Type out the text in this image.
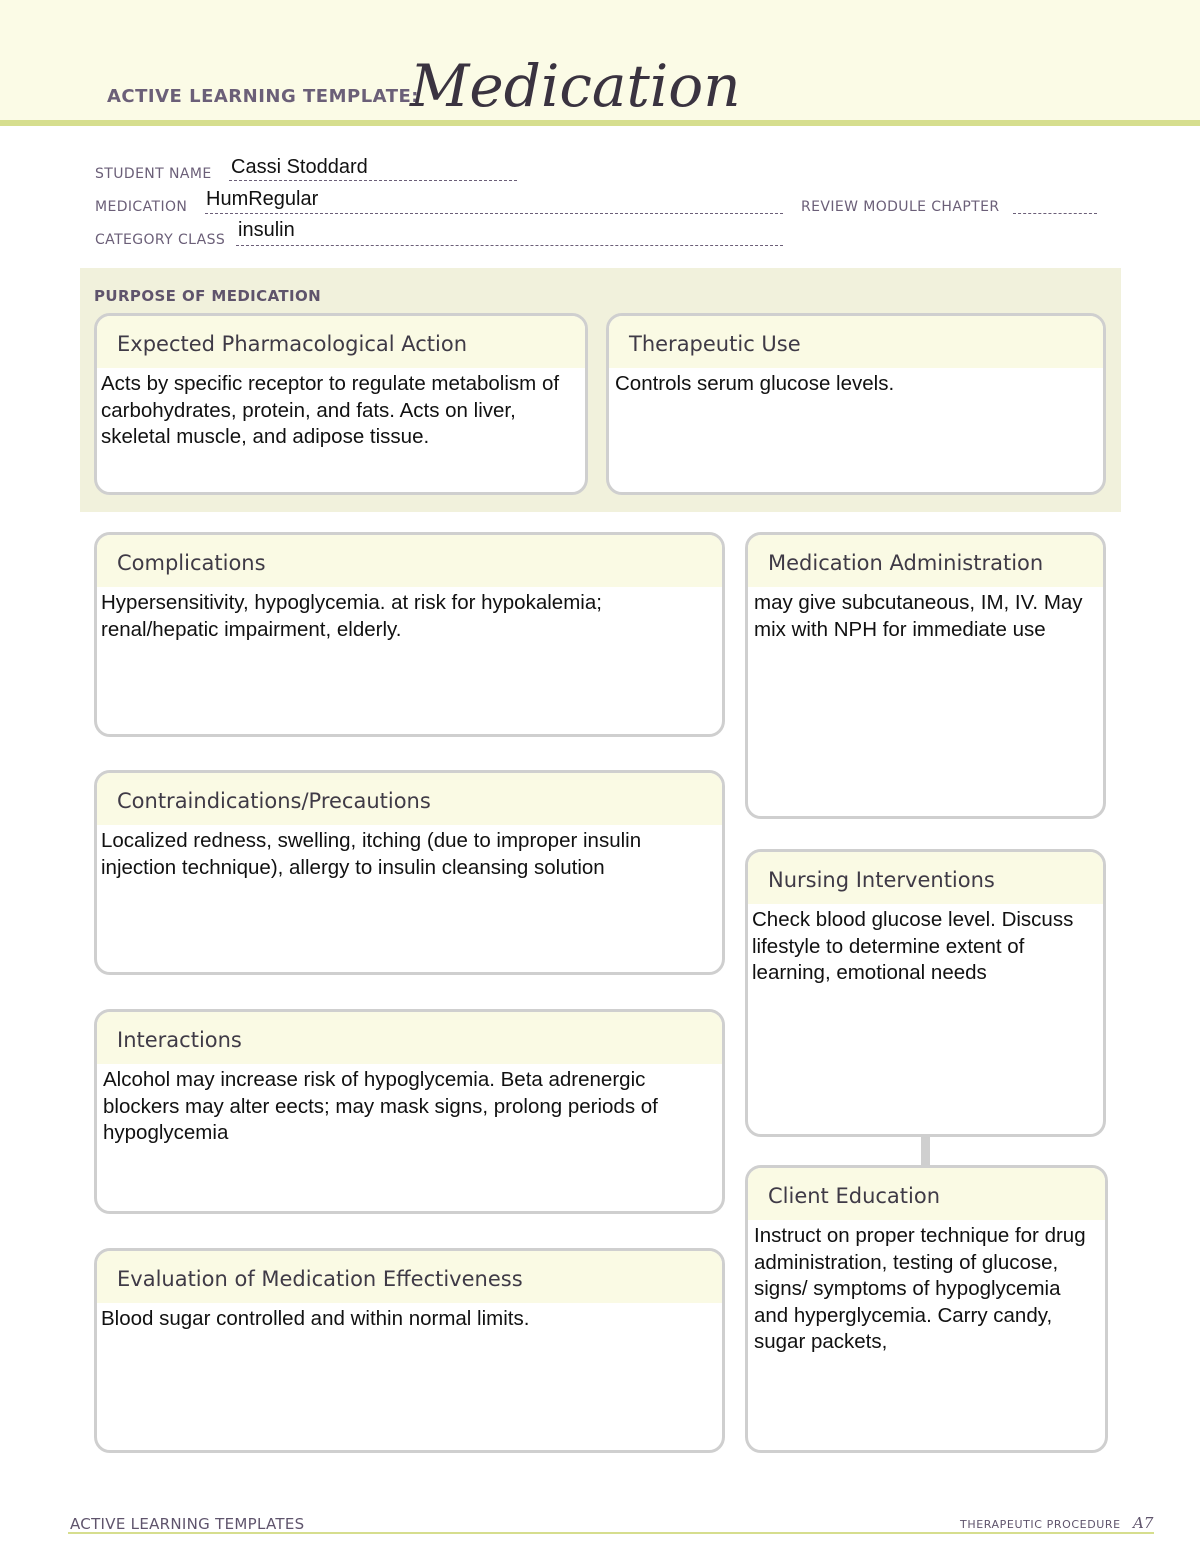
ACTIVE LEARNING TEMPLATE:
Medication
STUDENT NAME Cassi Stoddard
MEDICATION HumRegular	REVIEW MODULE CHAPTER
CATEGORY CLASS insulin
PURPOSE OF MEDICATION
Expected Pharmacological Action
Acts by specific receptor to regulate metabolism of carbohydrates, protein, and fats. Acts on liver, skeletal muscle, and adipose tissue.
Therapeutic Use
Controls serum glucose levels.
Complications
Hypersensitivity, hypoglycemia. at risk for hypokalemia; renal/hepatic impairment, elderly.
Contraindications/Precautions
Localized redness, swelling, itching (due to improper insulin injection technique), allergy to insulin cleansing solution
Interactions
Alcohol may increase risk of hypoglycemia. Beta adrenergic blockers may alter eects; may mask signs, prolong periods of hypoglycemia
Evaluation of Medication Effectiveness
Blood sugar controlled and within normal limits.
Medication Administration
may give subcutaneous, IM, IV. May mix with NPH for immediate use
Nursing Interventions
Check blood glucose level. Discuss lifestyle to determine extent of learning, emotional needs
Client Education
Instruct on proper technique for drug administration, testing of glucose, signs/ symptoms of hypoglycemia and hyperglycemia. Carry candy, sugar packets,
ACTIVE LEARNING TEMPLATES	THERAPEUTIC PROCEDURE A7
